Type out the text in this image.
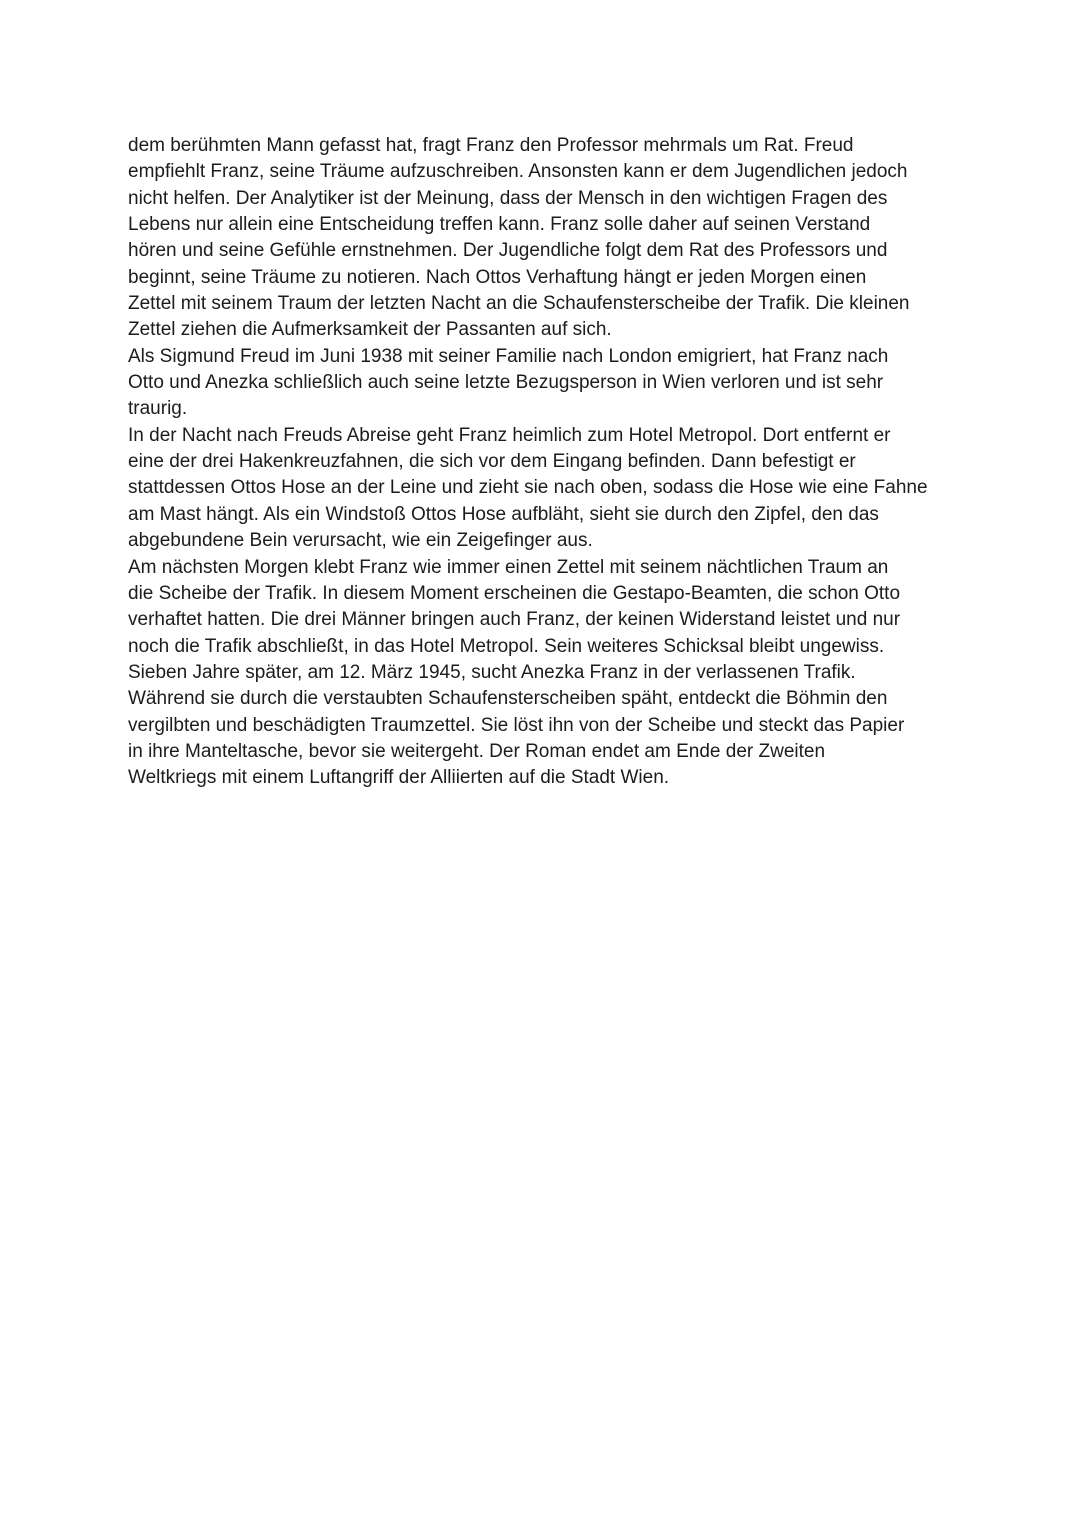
dem berühmten Mann gefasst hat, fragt Franz den Professor mehrmals um Rat. Freud
empfiehlt Franz, seine Träume aufzuschreiben. Ansonsten kann er dem Jugendlichen jedoch
nicht helfen. Der Analytiker ist der Meinung, dass der Mensch in den wichtigen Fragen des
Lebens nur allein eine Entscheidung treffen kann. Franz solle daher auf seinen Verstand
hören und seine Gefühle ernstnehmen. Der Jugendliche folgt dem Rat des Professors und
beginnt, seine Träume zu notieren. Nach Ottos Verhaftung hängt er jeden Morgen einen
Zettel mit seinem Traum der letzten Nacht an die Schaufensterscheibe der Trafik. Die kleinen
Zettel ziehen die Aufmerksamkeit der Passanten auf sich.
Als Sigmund Freud im Juni 1938 mit seiner Familie nach London emigriert, hat Franz nach
Otto und Anezka schließlich auch seine letzte Bezugsperson in Wien verloren und ist sehr
traurig.
In der Nacht nach Freuds Abreise geht Franz heimlich zum Hotel Metropol. Dort entfernt er
eine der drei Hakenkreuzfahnen, die sich vor dem Eingang befinden. Dann befestigt er
stattdessen Ottos Hose an der Leine und zieht sie nach oben, sodass die Hose wie eine Fahne
am Mast hängt. Als ein Windstoß Ottos Hose aufbläht, sieht sie durch den Zipfel, den das
abgebundene Bein verursacht, wie ein Zeigefinger aus.
Am nächsten Morgen klebt Franz wie immer einen Zettel mit seinem nächtlichen Traum an
die Scheibe der Trafik. In diesem Moment erscheinen die Gestapo-Beamten, die schon Otto
verhaftet hatten. Die drei Männer bringen auch Franz, der keinen Widerstand leistet und nur
noch die Trafik abschließt, in das Hotel Metropol. Sein weiteres Schicksal bleibt ungewiss.
Sieben Jahre später, am 12. März 1945, sucht Anezka Franz in der verlassenen Trafik.
Während sie durch die verstaubten Schaufensterscheiben späht, entdeckt die Böhmin den
vergilbten und beschädigten Traumzettel. Sie löst ihn von der Scheibe und steckt das Papier
in ihre Manteltasche, bevor sie weitergeht. Der Roman endet am Ende der Zweiten
Weltkriegs mit einem Luftangriff der Alliierten auf die Stadt Wien.
